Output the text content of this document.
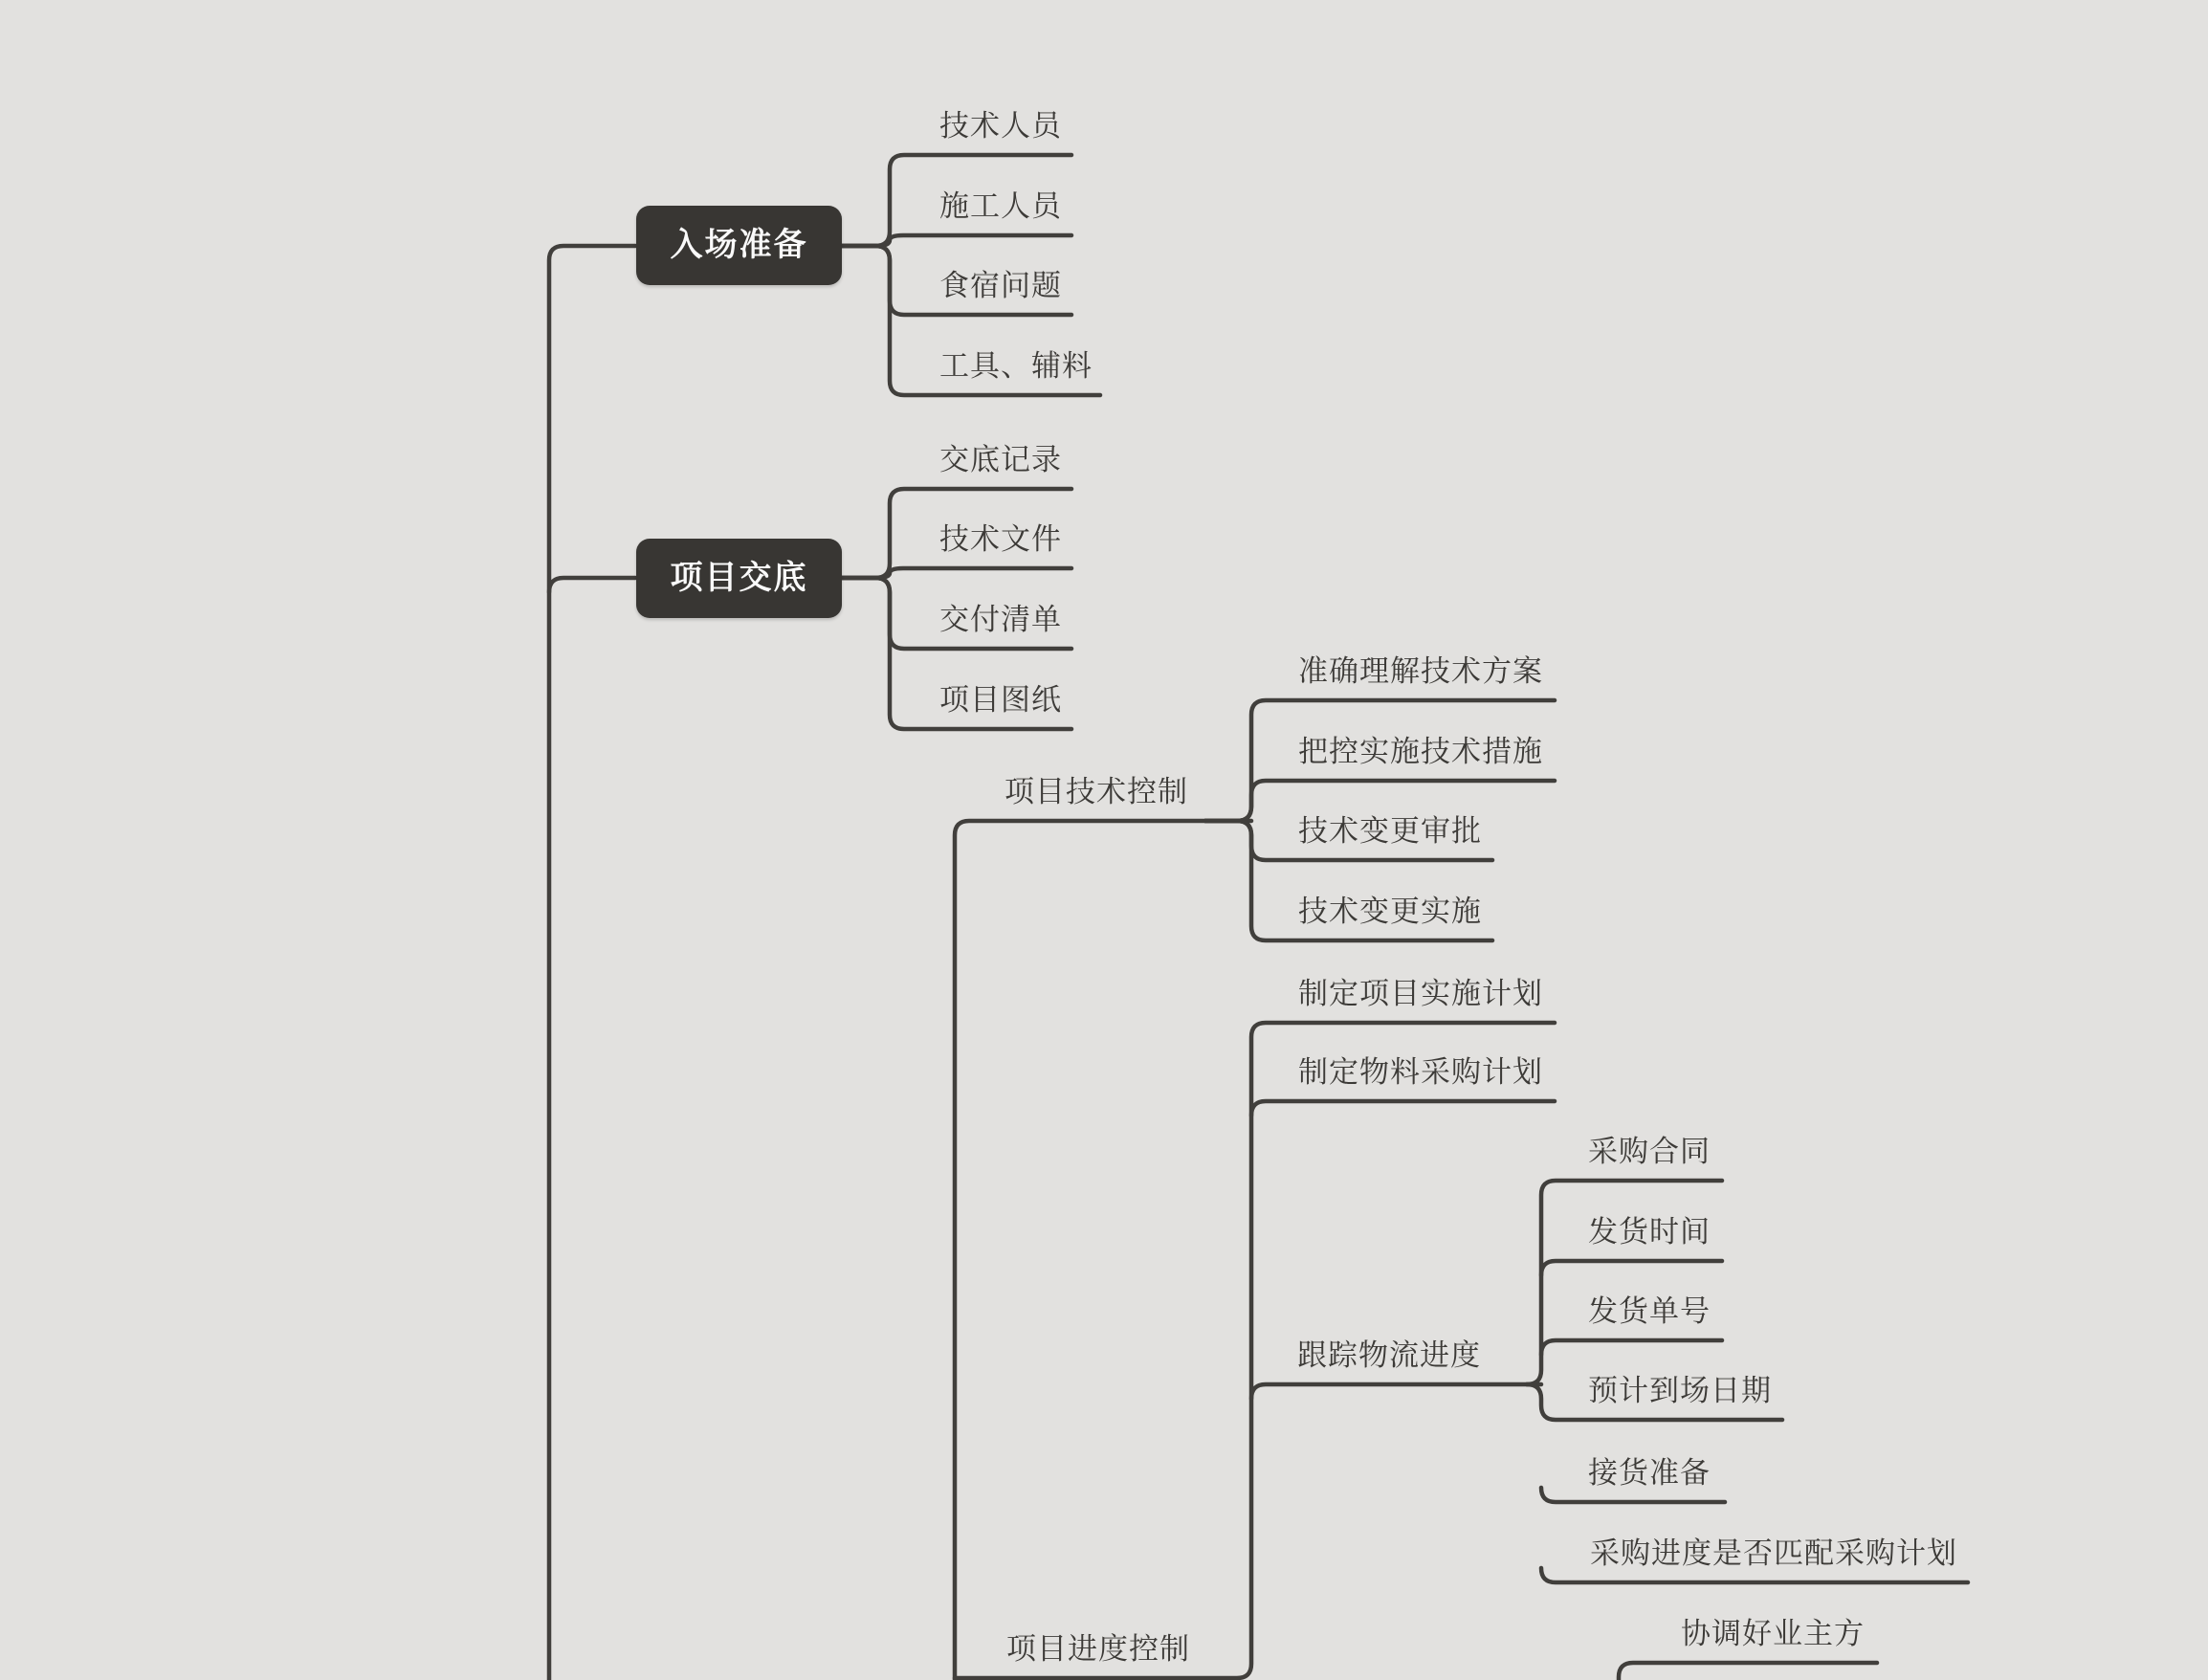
入场准备
项目交底
技术人员
施工人员
食宿问题
工具、辅料
交底记录
技术文件
交付清单
项目图纸
项目技术控制
准确理解技术方案
把控实施技术措施
技术变更审批
技术变更实施
项目进度控制
制定项目实施计划
制定物料采购计划
跟踪物流进度
采购合同
发货时间
发货单号
预计到场日期
接货准备
采购进度是否匹配采购计划
协调好业主方
